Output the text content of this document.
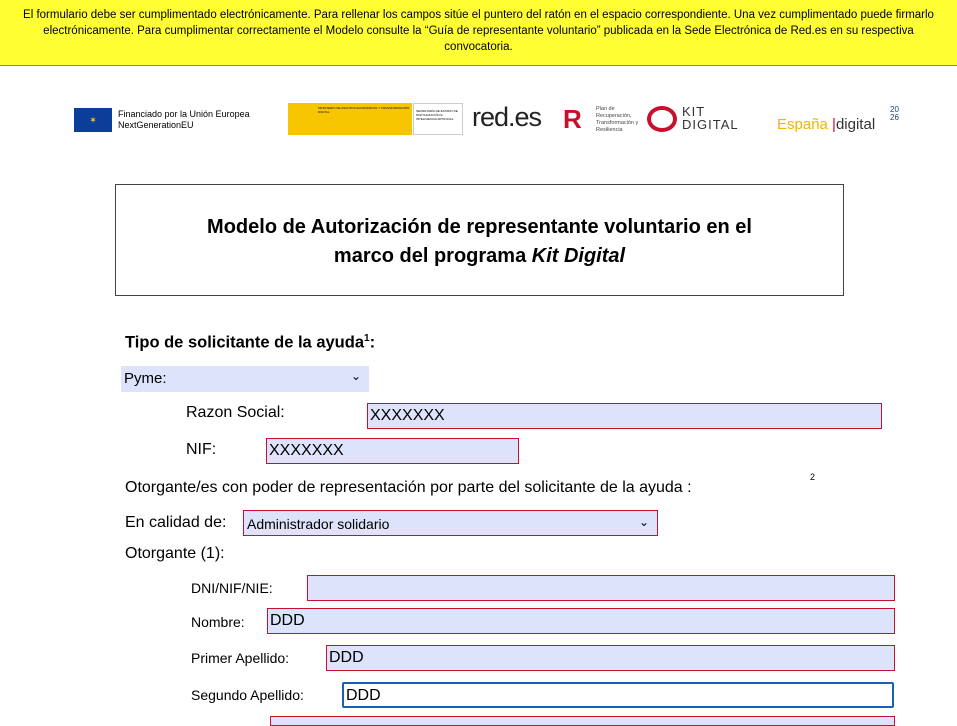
El formulario debe ser cumplimentado electrónicamente. Para rellenar los campos sitúe el puntero del ratón en el espacio correspondiente. Una vez cumplimentado puede firmarlo electrónicamente. Para cumplimentar correctamente el Modelo consulte la “Guía de representante voluntario” publicada en la Sede Electrónica de Red.es en su respectiva convocatoria.
✶
Financiado por la Unión Europea
NextGenerationEU
MINISTERIO DE ASUNTOS ECONÓMICOS Y TRANSFORMACIÓN DIGITAL	SECRETARÍA DE ESTADO DE DIGITALIZACIÓN E INTELIGENCIA ARTIFICIAL red.es R	Plan de Recuperación, Transformación y Resiliencia
KIT
DIGITAL	España |digital
2026
Modelo de Autorización de representante voluntario en el
marco del programa Kit Digital
Tipo de solicitante de la ayuda$^1$:
Pyme:	⌄
Razon Social:	XXXXXXX
NIF:	XXXXXXX
Otorgante/es con poder de representación por parte del solicitante de la ayuda :
2
En calidad de: Administrador solidario	⌄
Otorgante (1):
DNI/NIF/NIE:
Nombre: DDD
Primer Apellido: DDD
Segundo Apellido:	DDD
